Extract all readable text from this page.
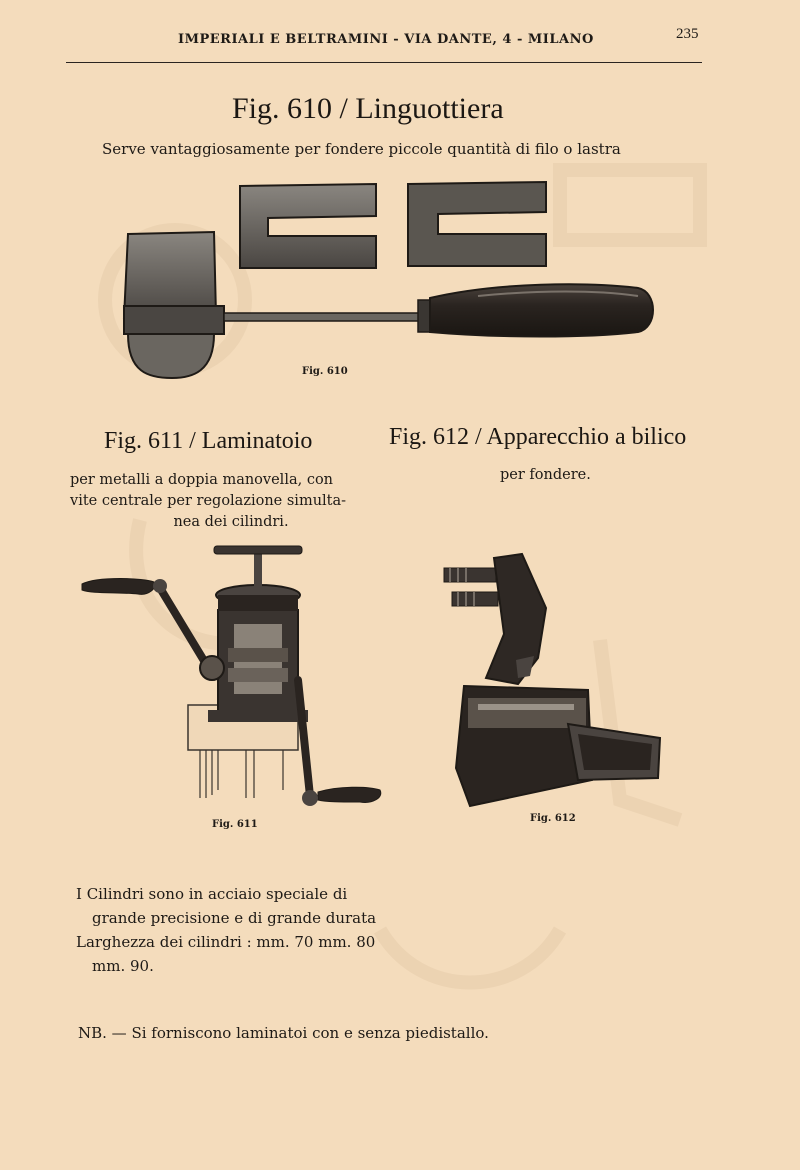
IMPERIALI E BELTRAMINI - VIA DANTE, 4 - MILANO	235
Fig. 610 / Linguottiera
Serve vantaggiosamente per fondere piccole quantità di filo o lastra
Fig. 610
Fig. 611 / Laminatoio	Fig. 612 / Apparecchio a bilico
per metalli a doppia manovella, con
vite centrale per regolazione simulta-
nea dei cilindri.
per fondere.
Fig. 611
Fig. 612
I Cilindri sono in acciaio speciale di
grande precisione e di grande durata
Larghezza dei cilindri : mm. 70 mm. 80
mm. 90.
NB. — Si forniscono laminatoi con e senza piedistallo.
